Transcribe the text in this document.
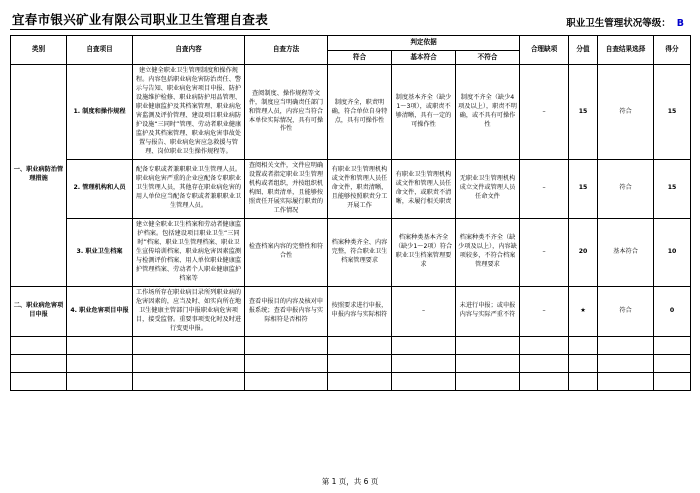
宜春市银兴矿业有限公司职业卫生管理自查表	职业卫生管理状况等级： B
类别	自查项目	自查内容	自查方法	判定依据			合理缺项	分值	自查结果选择	得分
				符合	基本符合	不符合				
一、职业病防治管理措施	1. 制度和操作规程	建立健全职业卫生管理制度和操作规程。内容包括职业病危害防治责任、警示与告知、职业病危害项目申报、防护设施维护检修、职业病防护用品管理、职业健康监护及其档案管理、职业病危害监测及评价管理、建设项目职业病防护设施“三同时”管理、劳动者职业健康监护及其档案管理、职业病危害事故处置与报告、职业病危害应急救援与管理、岗位职业卫生操作规程等。	查阅制度、操作规程等文件，制度应当明确责任部门和管理人员，内容应当符合本单位实际情况，具有可操作性	制度齐全，职责明确，符合单位自身特点，具有可操作性	制度基本齐全（缺少1～3项），或职责不够清晰，具有一定的可操作性	制度不齐全（缺少4项及以上），职责不明确，或不具有可操作性	–	15	符合	15
	2. 管理机构和人员	配备专职或者兼职职业卫生管理人员。职业病危害严重的企业应配备专职职业卫生管理人员，其他存在职业病危害的用人单位应当配备专职或者兼职职业卫生管理人员。	查阅相关文件，文件应明确设置或者指定职业卫生管理机构或者组织，并按组织机构图、职责清单，且能够按照责任开展实际履行职责的工作情况	有职业卫生管理机构或文件和管理人员任命文件，职责清晰，且能够按照职责分工开展工作	有职业卫生管理机构或文件和管理人员任命文件，或职责不清晰，未履行相关职责	无职业卫生管理机构成立文件或管理人员任命文件	–	15	符合	15
	3. 职业卫生档案	建立健全职业卫生档案和劳动者健康监护档案。包括建设项目职业卫生“三同时”档案、职业卫生管理档案、职业卫生宣传培训档案、职业病危害因素监测与检测评价档案、用人单位职业健康监护管理档案、劳动者个人职业健康监护档案等	检查档案内容的完整性和符合性	档案种类齐全、内容完整，符合职业卫生档案管理要求	档案种类基本齐全（缺少1～2项）符合职业卫生档案管理要求	档案种类不齐全（缺少项及以上），内容缺项较多，不符合档案管理要求	–	20	基本符合	10
二、职业病危害项目申报	4. 职业危害项目申报	工作场所存在职业病目录所列职业病的危害因素的，应当及时、如实向所在地卫生健康主管部门申报职业病危害项目，接受监督。重要事项变化时及时进行变更申报。	查看申报目的内容及核对申报系统；查看申报内容与实际相符是否相符	按照要求进行申报，申报内容与实际相符	–	未进行申报；或申报内容与实际严重不符	–	★	符合	0

第 1 页，共 6 页
